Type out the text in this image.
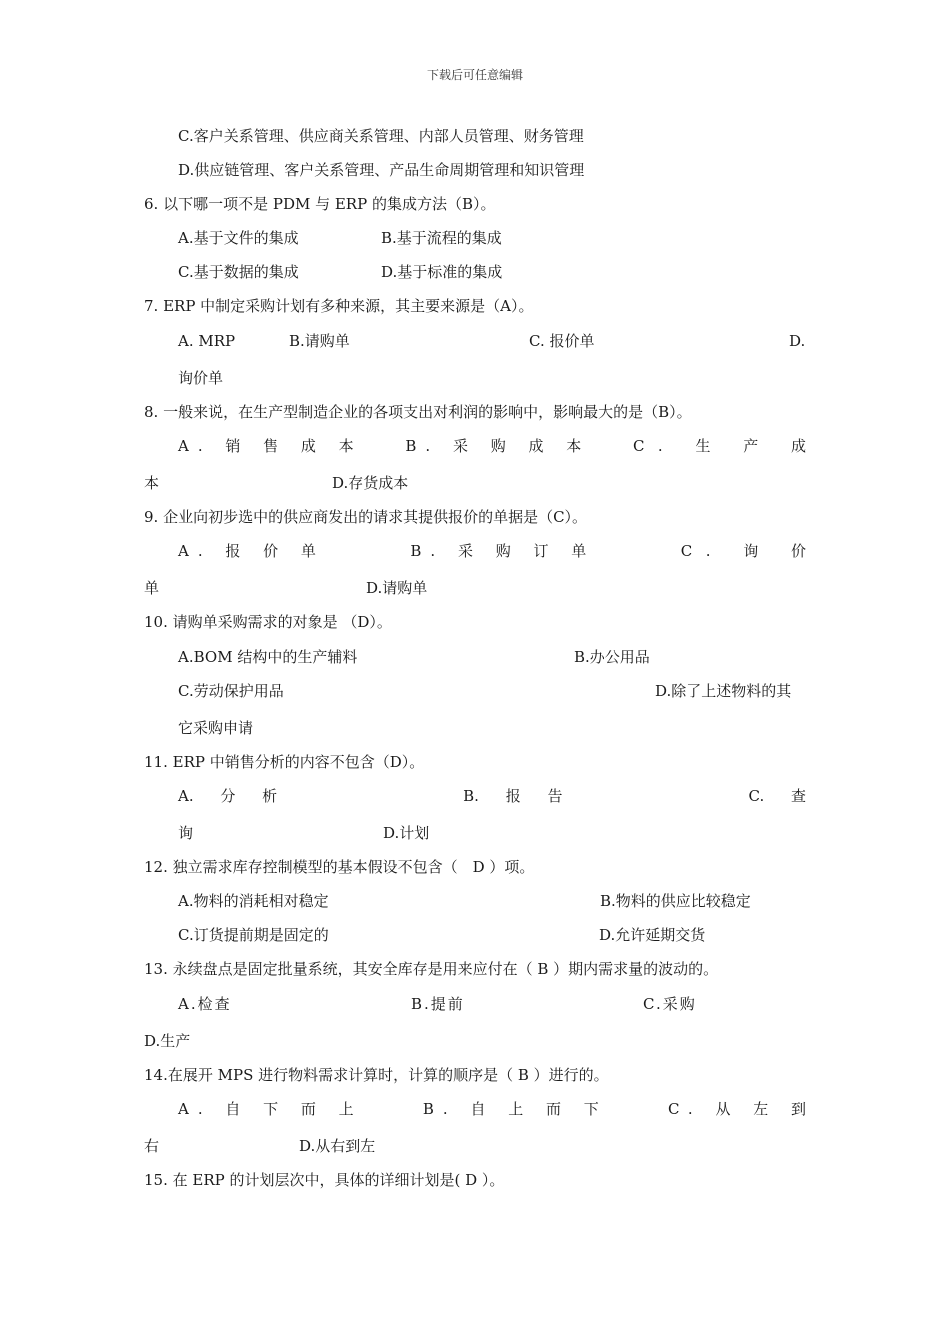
下载后可任意编辑
C.客户关系管理、供应商关系管理、内部人员管理、财务管理
D.供应链管理、客户关系管理、产品生命周期管理和知识管理
6. 以下哪一项不是 PDM 与 ERP 的集成方法（B）。
A.基于文件的集成	B.基于流程的集成
C.基于数据的集成	D.基于标准的集成
7. ERP 中制定采购计划有多种来源，其主要来源是（A）。
A. MRP	B.请购单	C. 报价单	D.
询价单
8. 一般来说，在生产型制造企业的各项支出对利润的影响中，影响最大的是（B）。
A. 销 售 成 本	B. 采 购 成 本	C. 生 产 成
本	D.存货成本
9. 企业向初步选中的供应商发出的请求其提供报价的单据是（C）。
A. 报 价 单	B. 采 购 订 单	C. 询 价
单	D.请购单
10. 请购单采购需求的对象是 （D）。
A.BOM 结构中的生产辅料	B.办公用品
C.劳动保护用品	D.除了上述物料的其
它采购申请
11. ERP 中销售分析的内容不包含（D）。
A. 分 析	B. 报 告	C. 查
询	D.计划
12. 独立需求库存控制模型的基本假设不包含（　D ）项。
A.物料的消耗相对稳定	B.物料的供应比较稳定
C.订货提前期是固定的	D.允许延期交货
13. 永续盘点是固定批量系统，其安全库存是用来应付在（ B ）期内需求量的波动的。
A.检查	B.提前	C.采购
D.生产
14.在展开 MPS 进行物料需求计算时，计算的顺序是（ B ）进行的。
A. 自 下 而 上	B. 自 上 而 下	C. 从 左 到
右	D.从右到左
15. 在 ERP 的计划层次中，具体的详细计划是( D ）。
